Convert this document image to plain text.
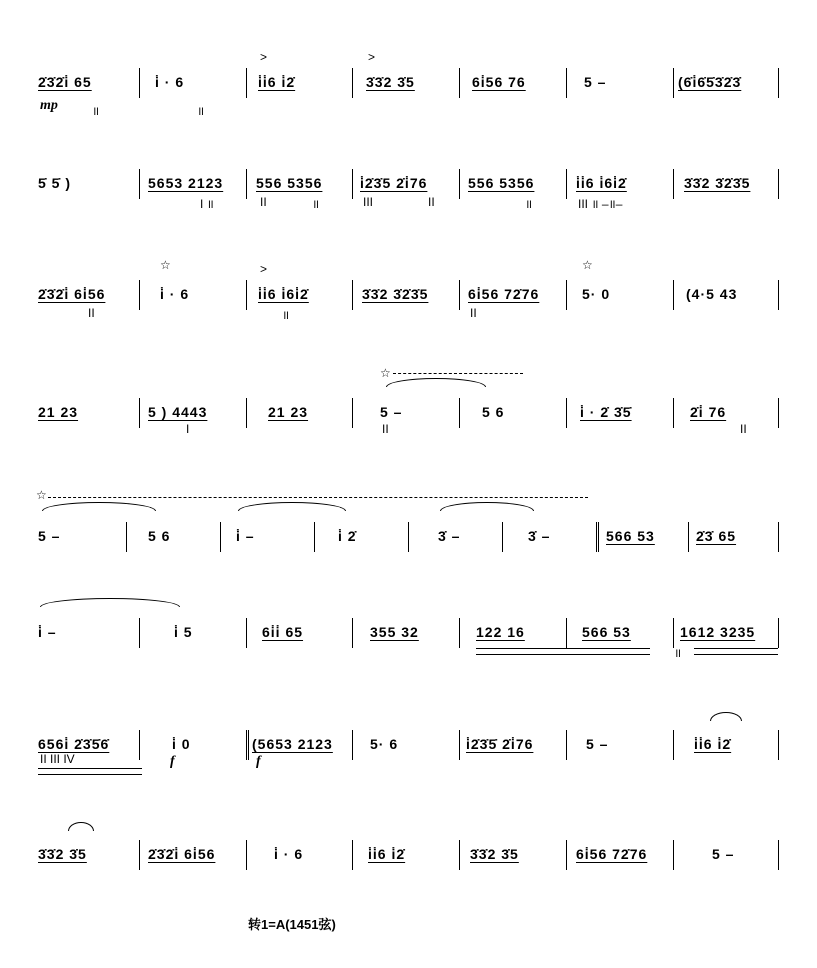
2̇3̇2̇i̇ 65	i̇ · 6	i̇i̇6 i̇2̇	3̇3̇2 3̇5	6i̇56 76	5 –	(6̇i̇6̇5̇3̇2̇3̇
mp	॥	॥
>	>
5̇ 5̇ )	5653 2123 556 5356	i̇2̇3̇5 2̇i̇76	556 5356	i̇i̇6 i̇6i̇2̇	3̇3̇2 3̇2̇3̇5
I ॥	II	॥	III	II	॥	III ॥ –॥–
2̇3̇2̇i̇ 6i̇56	i̇ · 6	i̇i̇6 i̇6i̇2̇	3̇3̇2 3̇2̇3̇5	6i̇56 72̇76	5· 0	(4·5 43
II
☆	>
॥	II
☆
21 23	5 ) 4443	21 23	5 –	5 6	i̇ · 2̇ 3̇5̇	2̇i̇ 76
I
☆
II	II
☆
5 –	5 6	i̇ –	i̇ 2̇	3̇ –	3̇ –	566 53	2̇3̇ 65
i̇ –	i̇ 5	6i̇i̇ 65	355 32	122 16	566 53	1612 3235
॥
656i̇ 2̇3̇5̇6̇	i̇ 0	(5653 2123	5· 6	i̇2̇3̇5̇ 2̇i̇76	5 –	i̇i̇6 i̇2̇
II III IV	f	f
3̇3̇2 3̇5	2̇3̇2̇i̇ 6i̇56	i̇ · 6	i̇i̇6 i̇2̇	3̇3̇2 3̇5	6i̇56 72̇76	5 –
转1=A(1451弦)
